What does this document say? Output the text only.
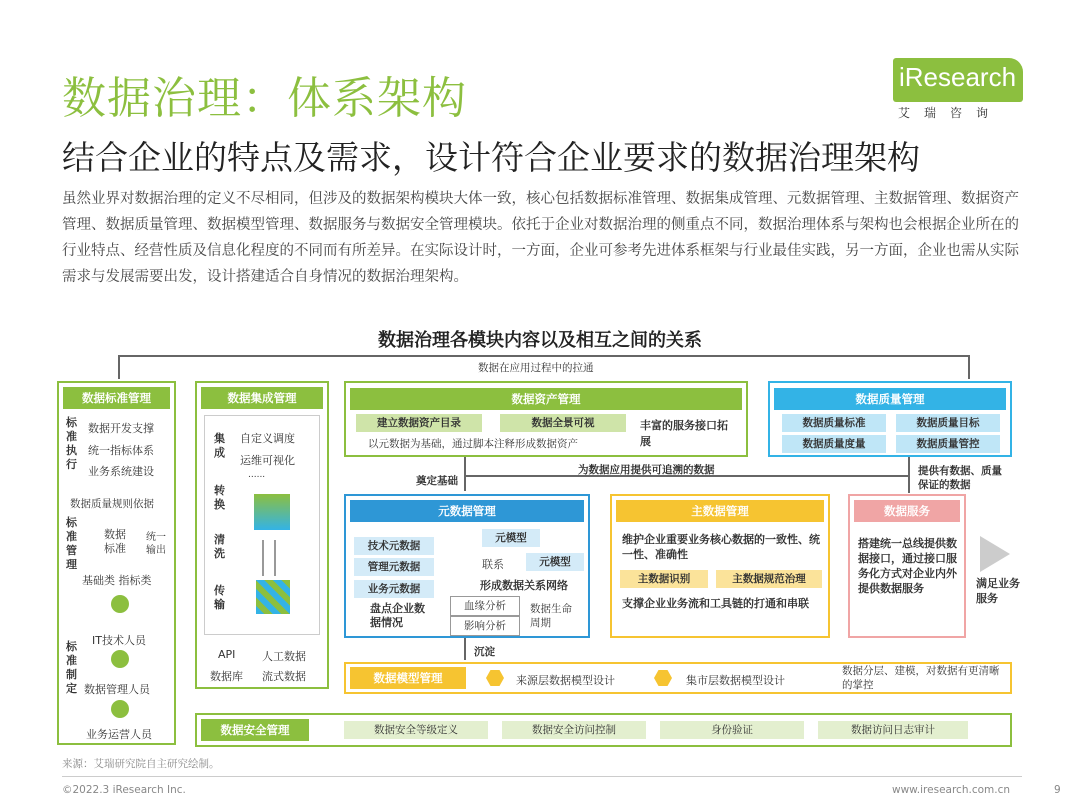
数据治理：体系架构
结合企业的特点及需求，设计符合企业要求的数据治理架构
iResearch
艾瑞咨询
虽然业界对数据治理的定义不尽相同，但涉及的数据架构模块大体一致，核心包括数据标准管理、数据集成管理、元数据管理、主数据管理、数据资产管理、数据质量管理、数据模型管理、数据服务与数据安全管理模块。依托于企业对数据治理的侧重点不同，数据治理体系与架构也会根据企业所在的行业特点、经营性质及信息化程度的不同而有所差异。在实际设计时，一方面，企业可参考先进体系框架与行业最佳实践，另一方面，企业也需从实际需求与发展需要出发，设计搭建适合自身情况的数据治理架构。
数据治理各模块内容以及相互之间的关系
数据在应用过程中的拉通
数据标准管理
标准执行
数据开发支撑
统一指标体系
业务系统建设
数据质量规则依据
标准管理
数据标准
统一输出
基础类 指标类
标准制定
IT技术人员
数据管理人员
业务运营人员
数据集成管理
集成
转换
清洗
传输
自定义调度
运维可视化
......
API 人工数据
数据库 流式数据
数据资产管理
建立数据资产目录	数据全景可视
以元数据为基础，通过脚本注释形成数据资产
丰富的服务接口拓展
数据质量管理
数据质量标准	数据质量目标
数据质量度量	数据质量管控
为数据应用提供可追溯的数据
奠定基础
提供有数据、质量保证的数据
元数据管理
技术元数据
管理元数据
业务元数据
元模型
元模型
联系
形成数据关系网络
盘点企业数据情况
血缘分析
影响分析
数据生命周期
主数据管理
维护企业重要业务核心数据的一致性、统一性、准确性
主数据识别	主数据规范治理
支撑企业业务流和工具链的打通和串联
数据服务
搭建统一总线提供数据接口，通过接口服务化方式对企业内外提供数据服务	满足业务服务
沉淀
数据模型管理	来源层数据模型设计	集市层数据模型设计
数据分层、建模，对数据有更清晰的掌控
数据安全管理	数据安全等级定义	数据安全访问控制	身份验证	数据访问日志审计
来源：艾瑞研究院自主研究绘制。
©2022.3 iResearch Inc.	www.iresearch.com.cn	9
